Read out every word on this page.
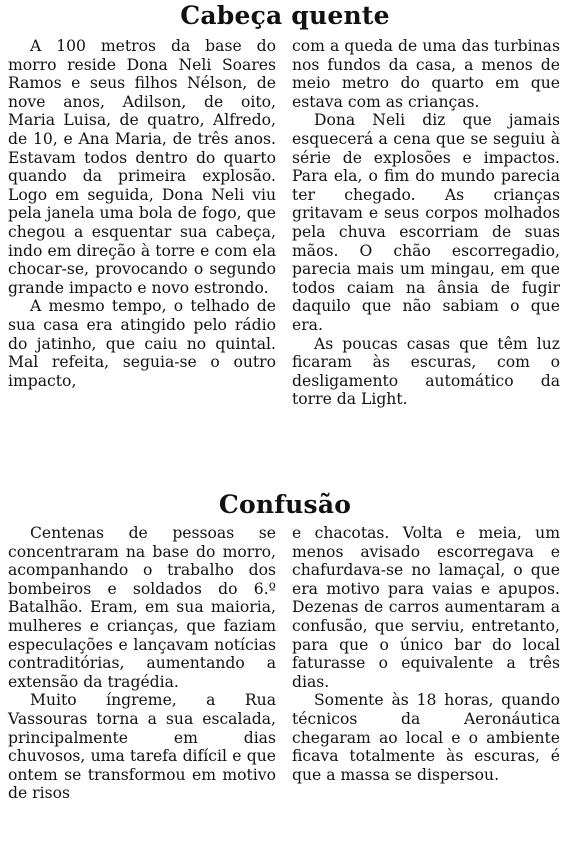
Cabeça quente

A 100 metros da base do morro reside Dona Neli Soares Ramos e seus filhos Nélson, de nove anos, Adilson, de oito, Maria Luisa, de quatro, Alfredo, de 10, e Ana Maria, de três anos. Estavam todos dentro do quarto quando da primeira explosão. Logo em seguida, Dona Neli viu pela janela uma bola de fogo, que chegou a esquentar sua cabeça, indo em direção à torre e com ela chocar-se, provocando o segundo grande impacto e novo estrondo.

A mesmo tempo, o telhado de sua casa era atingido pelo rádio do jatinho, que caiu no quintal. Mal refeita, seguia-se o outro impacto,

com a queda de uma das turbinas nos fundos da casa, a menos de meio metro do quarto em que estava com as crianças.

Dona Neli diz que jamais esquecerá a cena que se seguiu à série de explosões e impactos. Para ela, o fim do mundo parecia ter chegado. As crianças gritavam e seus corpos molhados pela chuva escorriam de suas mãos. O chão escorregadio, parecia mais um mingau, em que todos caiam na ânsia de fugir daquilo que não sabiam o que era.

As poucas casas que têm luz ficaram às escuras, com o desligamento automático da torre da Light.

Confusão

Centenas de pessoas se concentraram na base do morro, acompanhando o trabalho dos bombeiros e soldados do 6.º Batalhão. Eram, em sua maioria, mulheres e crianças, que faziam especulações e lançavam notícias contraditórias, aumentando a extensão da tragédia.

Muito íngreme, a Rua Vassouras torna a sua escalada, principalmente em dias chuvosos, uma tarefa difícil e que ontem se transformou em motivo de risos

e chacotas. Volta e meia, um menos avisado escorregava e chafurdava-se no lamaçal, o que era motivo para vaias e apupos. Dezenas de carros aumentaram a confusão, que serviu, entretanto, para que o único bar do local faturasse o equivalente a três dias.

Somente às 18 horas, quando técnicos da Aeronáutica chegaram ao local e o ambiente ficava totalmente às escuras, é que a massa se dispersou.
